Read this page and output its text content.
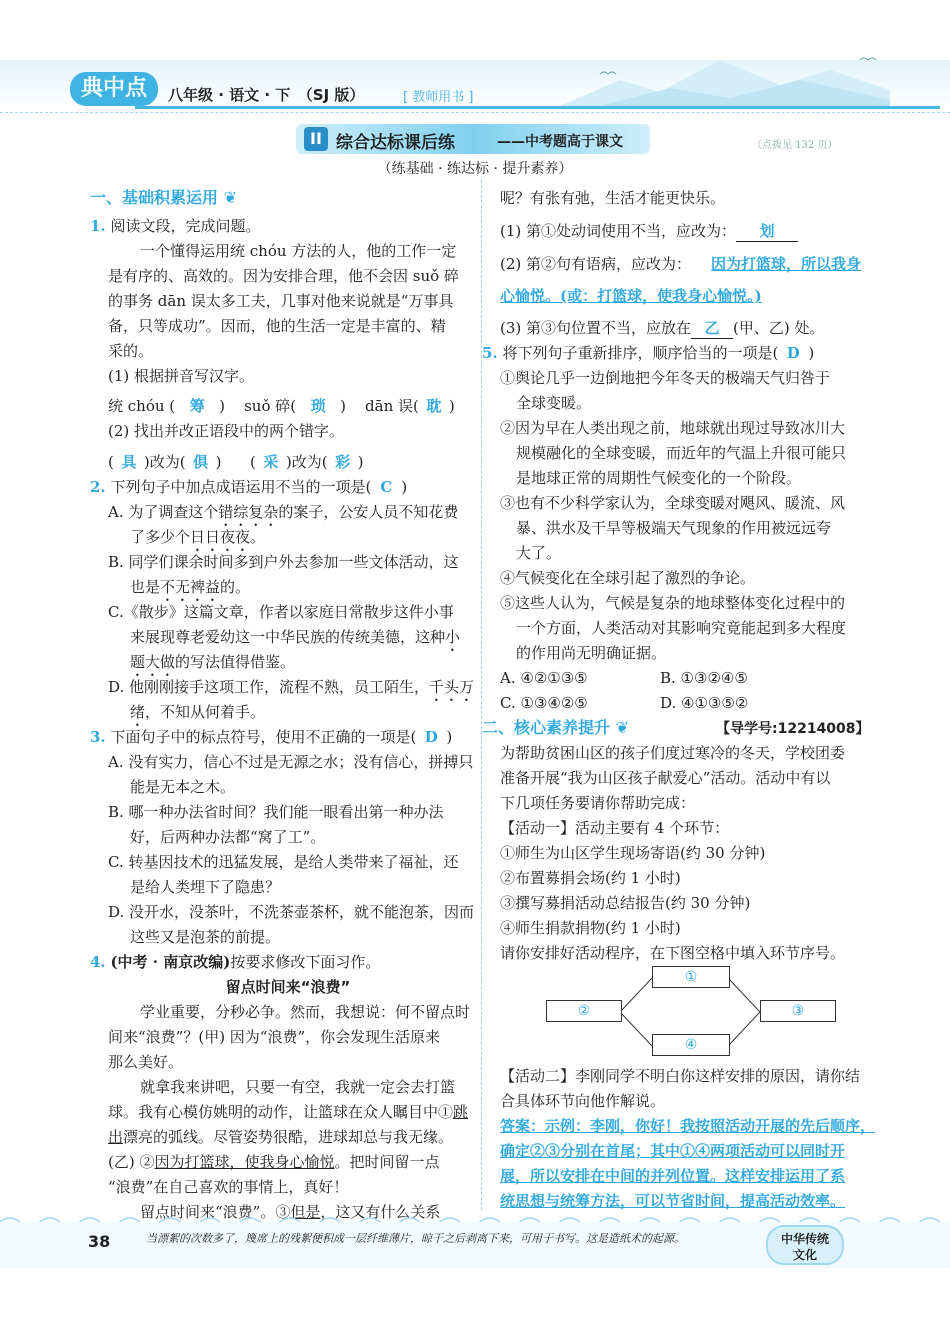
典中点	八年级 · 语文 · 下　（SJ 版）	[ 教师用书 ]
II 综合达标课后练	——中考题高于课文	（点拨见 132 页）
（练基础 · 练达标 · 提升素养）
一、基础积累运用 ❦
1. 阅读文段，完成问题。
一个懂得运用统 chóu 方法的人，他的工作一定
是有序的、高效的。因为安排合理，他不会因 suǒ 碎
的事务 dān 误太多工夫，几事对他来说就是“万事具
备，只等成功”。因而，他的生活一定是丰富的、精
采的。
(1) 根据拼音写汉字。
统 chóu ( 筹 ) suǒ 碎( 琐 ) dān 误( 耽 )
(2) 找出并改正语段中的两个错字。
( 具 )改为( 俱 )      ( 采 )改为( 彩 )
2. 下列句子中加点成语运用不当的一项是( C )
A. 为了调查这个错综复杂的案子，公安人员不知花费
了多少个日日夜夜。
B. 同学们课余时间多到户外去参加一些文体活动，这
也是不无裨益的。
C.《散步》这篇文章，作者以家庭日常散步这件小事
来展现尊老爱幼这一中华民族的传统美德，这种小
题大做的写法值得借鉴。
D. 他刚刚接手这项工作，流程不熟，员工陌生，千头万
绪，不知从何着手。
3. 下面句子中的标点符号，使用不正确的一项是( D )
A. 没有实力，信心不过是无源之水；没有信心，拼搏只
能是无本之木。
B. 哪一种办法省时间？我们能一眼看出第一种办法
好，后两种办法都“窝了工”。
C. 转基因技术的迅猛发展，是给人类带来了福祉，还
是给人类埋下了隐患？
D. 没开水，没茶叶，不洗茶壶茶杯，就不能泡茶，因而
这些又是泡茶的前提。
4. (中考 · 南京改编)按要求修改下面习作。
留点时间来“浪费”
学业重要，分秒必争。然而，我想说：何不留点时
间来“浪费”？(甲) 因为“浪费”，你会发现生活原来
那么美好。
就拿我来讲吧，只要一有空，我就一定会去打篮
球。我有心模仿姚明的动作，让篮球在众人瞩目中①跳
出漂亮的弧线。尽管姿势很酷，进球却总与我无缘。
(乙) ②因为打篮球，使我身心愉悦。把时间留一点
“浪费”在自己喜欢的事情上，真好！
留点时间来“浪费”。③但是，这又有什么关系
呢？有张有弛，生活才能更快乐。
(1) 第①处动词使用不当，应改为： 划
(2) 第②句有语病，应改为： 因为打篮球，所以我身
心愉悦。(或：打篮球，使我身心愉悦。)
(3) 第③句位置不当，应放在 乙 (甲、乙) 处。
5. 将下列句子重新排序，顺序恰当的一项是( D )
①舆论几乎一边倒地把今年冬天的极端天气归咎于
全球变暖。
②因为早在人类出现之前，地球就出现过导致冰川大
规模融化的全球变暖，而近年的气温上升很可能只
是地球正常的周期性气候变化的一个阶段。
③也有不少科学家认为，全球变暖对飓风、暖流、风
暴、洪水及干旱等极端天气现象的作用被远远夸
大了。
④气候变化在全球引起了激烈的争论。
⑤这些人认为，气候是复杂的地球整体变化过程中的
一个方面，人类活动对其影响究竟能起到多大程度
的作用尚无明确证据。
A. ④②①③⑤	B. ①③②④⑤
C. ①③④②⑤	D. ④①③⑤②
二、核心素养提升 ❦	【导学号:12214008】
为帮助贫困山区的孩子们度过寒冷的冬天，学校团委
准备开展“我为山区孩子献爱心”活动。活动中有以
下几项任务要请你帮助完成：
【活动一】活动主要有 4 个环节：
①师生为山区学生现场寄语(约 30 分钟)
②布置募捐会场(约 1 小时)
③撰写募捐活动总结报告(约 30 分钟)
④师生捐款捐物(约 1 小时)
请你安排好活动程序，在下图空格中填入环节序号。
①
②	③
④
【活动二】李刚同学不明白你这样安排的原因，请你结
合具体环节向他作解说。
答案：示例：李刚，你好！我按照活动开展的先后顺序，
确定②③分别在首尾；其中①④两项活动可以同时开
展，所以安排在中间的并列位置。这样安排运用了系
统思想与统筹方法，可以节省时间，提高活动效率。
38	当漂絮的次数多了，篾席上的残絮便积成一层纤维薄片，晾干之后剥离下来，可用于书写。这是造纸术的起源。	中华传统
文化
